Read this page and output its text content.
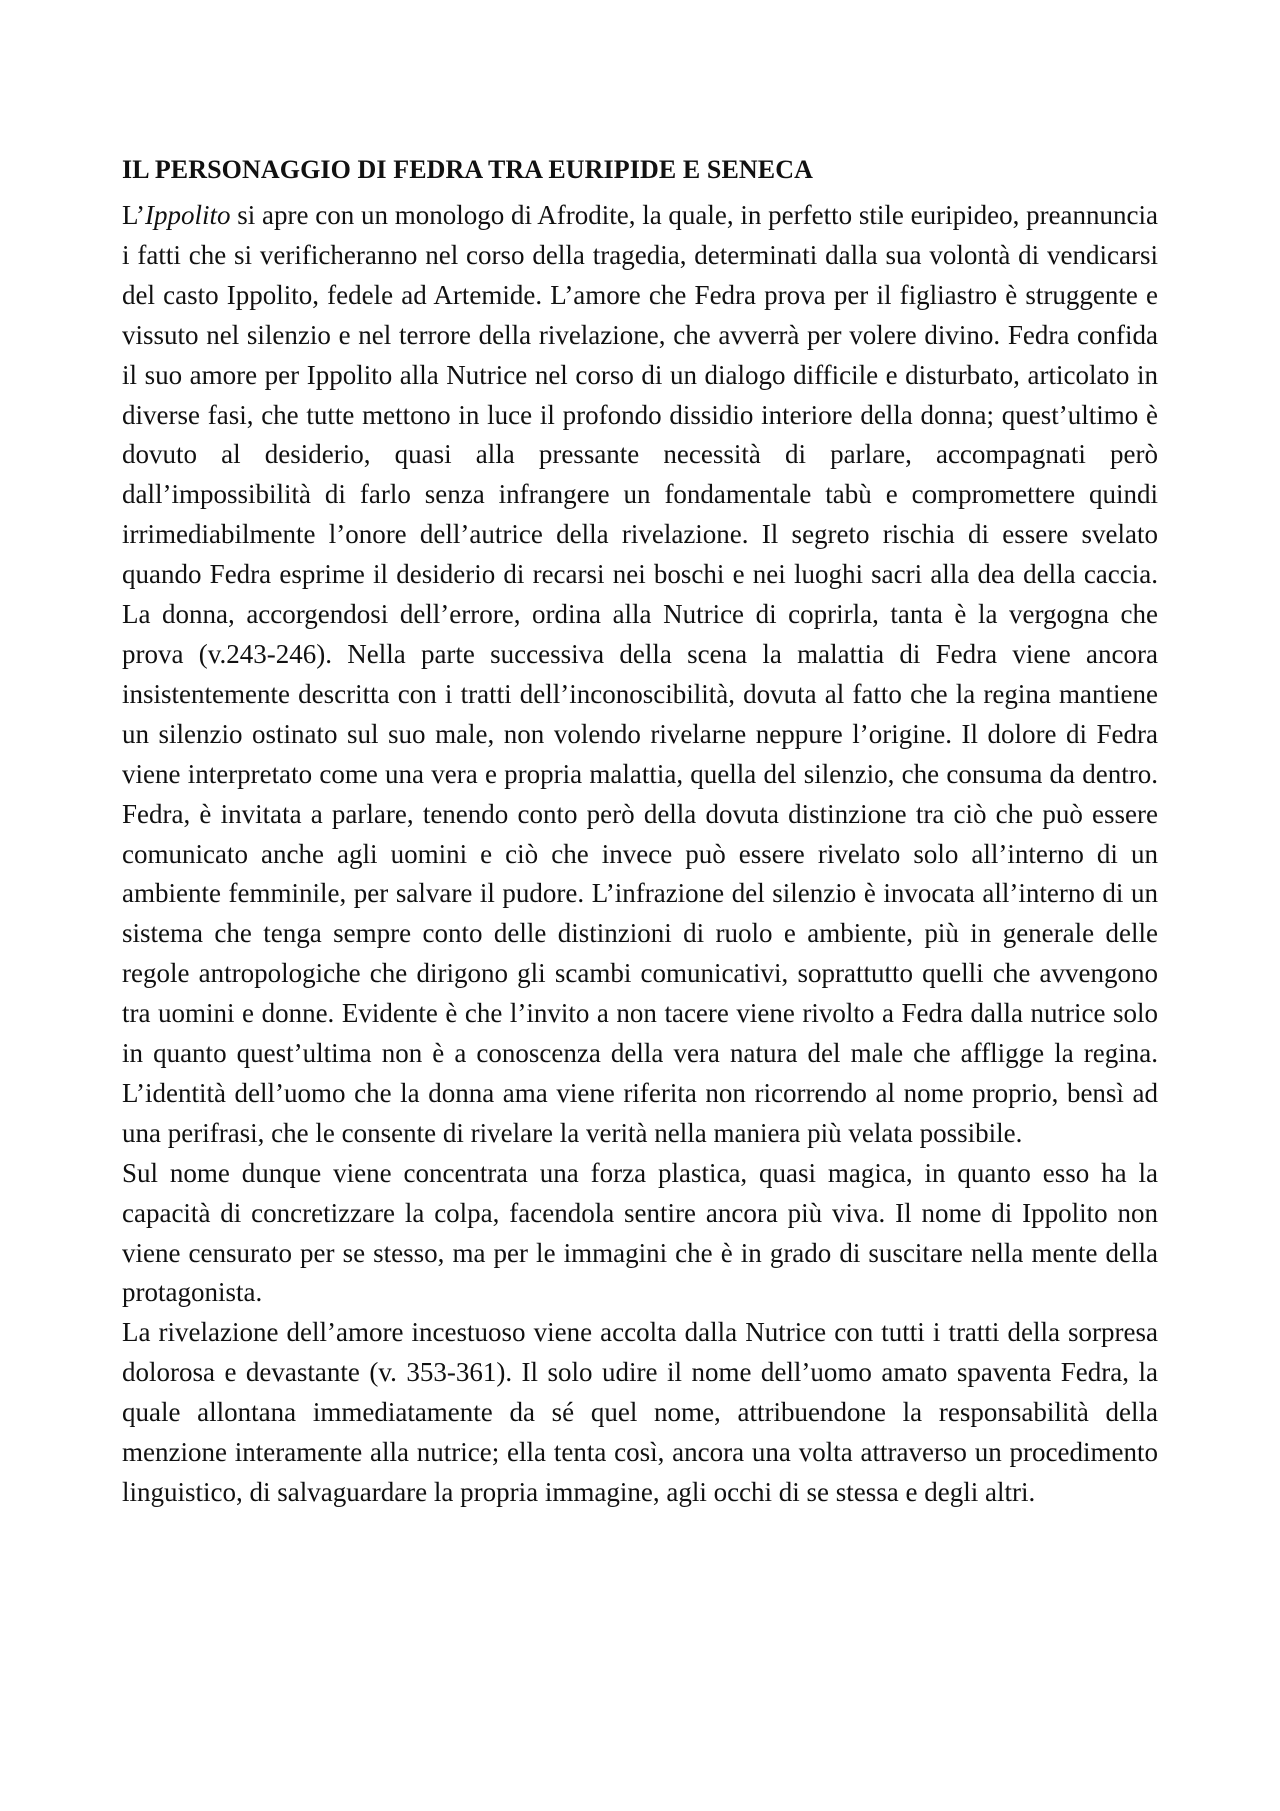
IL PERSONAGGIO DI FEDRA TRA EURIPIDE E SENECA

L’Ippolito si apre con un monologo di Afrodite, la quale, in perfetto stile euripideo, preannuncia i fatti che si verificheranno nel corso della tragedia, determinati dalla sua volontà di vendicarsi del casto Ippolito, fedele ad Artemide. L’amore che Fedra prova per il figliastro è struggente e vissuto nel silenzio e nel terrore della rivelazione, che avverrà per volere divino. Fedra confida il suo amore per Ippolito alla Nutrice nel corso di un dialogo difficile e disturbato, articolato in diverse fasi, che tutte mettono in luce il profondo dissidio interiore della donna; quest’ultimo è dovuto al desiderio, quasi alla pressante necessità di parlare, accompagnati però dall’impossibilità di farlo senza infrangere un fondamentale tabù e compromettere quindi irrimediabilmente l’onore dell’autrice della rivelazione. Il segreto rischia di essere svelato quando Fedra esprime il desiderio di recarsi nei boschi e nei luoghi sacri alla dea della caccia. La donna, accorgendosi dell’errore, ordina alla Nutrice di coprirla, tanta è la vergogna che prova (v.243-246). Nella parte successiva della scena la malattia di Fedra viene ancora insistentemente descritta con i tratti dell’inconoscibilità, dovuta al fatto che la regina mantiene un silenzio ostinato sul suo male, non volendo rivelarne neppure l’origine. Il dolore di Fedra viene interpretato come una vera e propria malattia, quella del silenzio, che consuma da dentro. Fedra, è invitata a parlare, tenendo conto però della dovuta distinzione tra ciò che può essere comunicato anche agli uomini e ciò che invece può essere rivelato solo all’interno di un ambiente femminile, per salvare il pudore. L’infrazione del silenzio è invocata all’interno di un sistema che tenga sempre conto delle distinzioni di ruolo e ambiente, più in generale delle regole antropologiche che dirigono gli scambi comunicativi, soprattutto quelli che avvengono tra uomini e donne. Evidente è che l’invito a non tacere viene rivolto a Fedra dalla nutrice solo in quanto quest’ultima non è a conoscenza della vera natura del male che affligge la regina. L’identità dell’uomo che la donna ama viene riferita non ricorrendo al nome proprio, bensì ad una perifrasi, che le consente di rivelare la verità nella maniera più velata possibile.

Sul nome dunque viene concentrata una forza plastica, quasi magica, in quanto esso ha la capacità di concretizzare la colpa, facendola sentire ancora più viva. Il nome di Ippolito non viene censurato per se stesso, ma per le immagini che è in grado di suscitare nella mente della protagonista.

La rivelazione dell’amore incestuoso viene accolta dalla Nutrice con tutti i tratti della sorpresa dolorosa e devastante (v. 353-361). Il solo udire il nome dell’uomo amato spaventa Fedra, la quale allontana immediatamente da sé quel nome, attribuendone la responsabilità della menzione interamente alla nutrice; ella tenta così, ancora una volta attraverso un procedimento linguistico, di salvaguardare la propria immagine, agli occhi di se stessa e degli altri.
